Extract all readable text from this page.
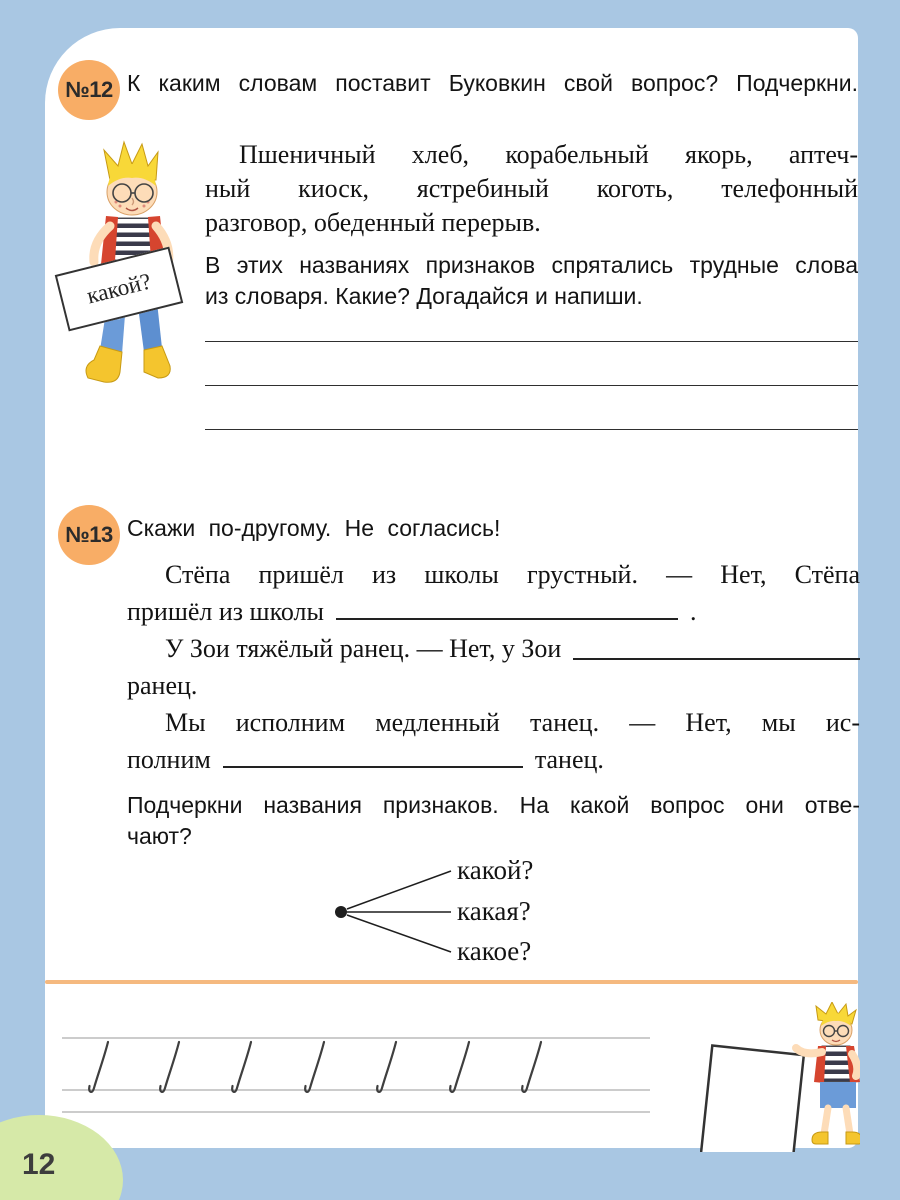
№12 К каким словам поставит Буковкин свой вопрос? Подчеркни.
какой?
Пшеничный хлеб, корабельный якорь, аптеч-
ный киоск, ястребиный коготь, телефонный
разговор, обеденный перерыв.
В этих названиях признаков спрятались трудные слова
из словаря. Какие? Догадайся и напиши.
№13 Скажи по-другому. Не согласись!
Стёпа пришёл из школы грустный. — Нет, Стёпа
пришёл из школы	.
У Зои тяжёлый ранец. — Нет, у Зои
ранец.
Мы исполним медленный танец. — Нет, мы ис-
полним	танец.
Подчеркни названия признаков. На какой вопрос они отве-
чают?
какой?
какая?
какое?
12
